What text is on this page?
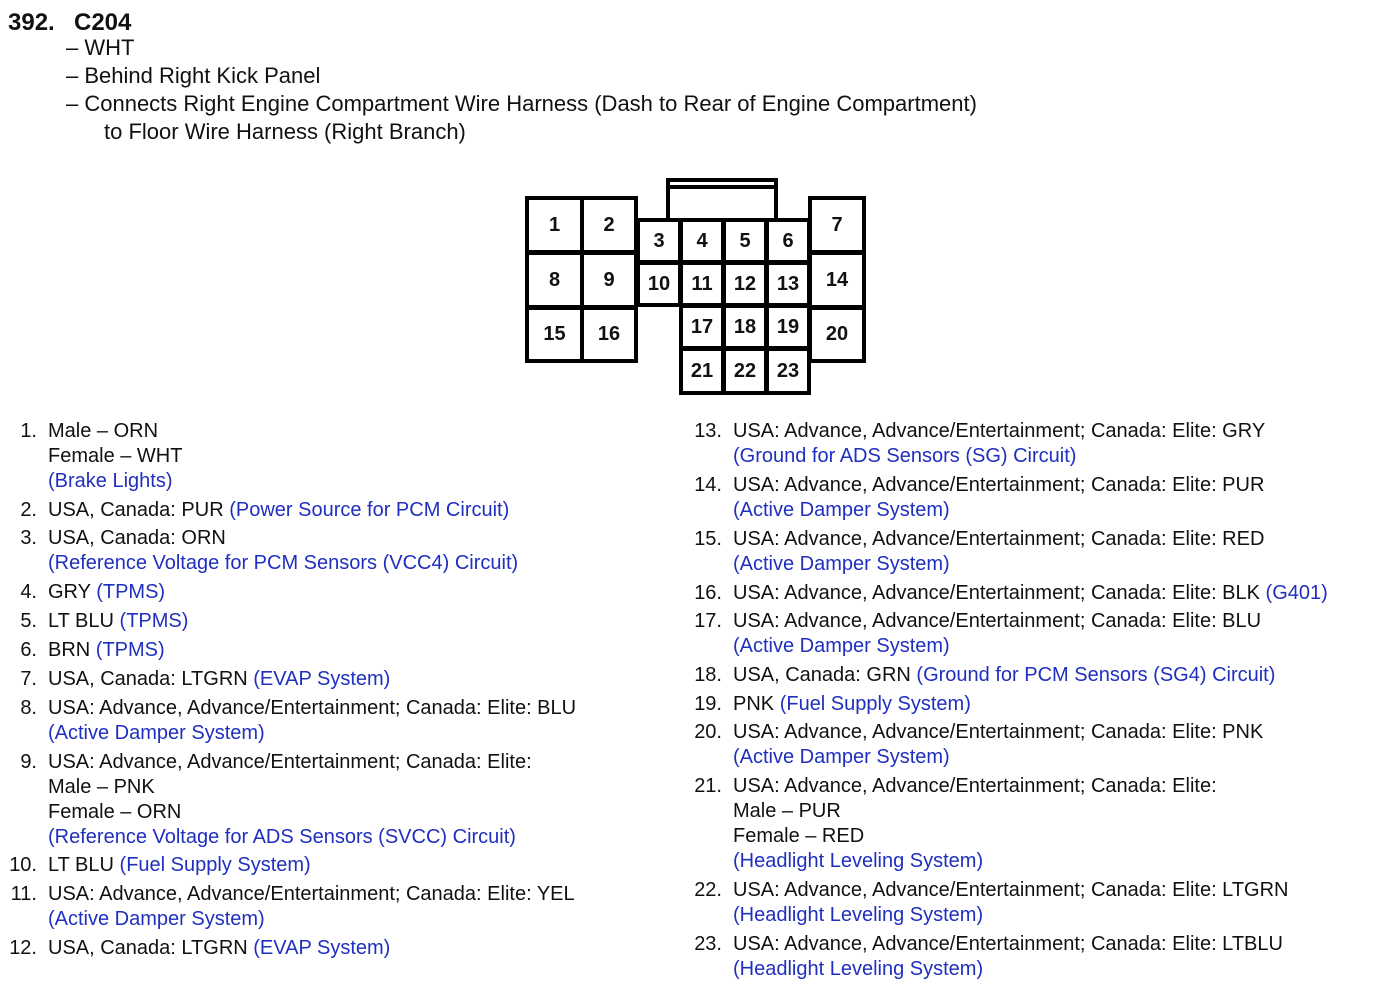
392. C204
– WHT
– Behind Right Kick Panel
– Connects Right Engine Compartment Wire Harness (Dash to Rear of Engine Compartment)
to Floor Wire Harness (Right Branch)
1	2
3	4	5	6
7
8	9	10	11	12	13	14
15	16	17	18	19	20
21	22	23
1. Male – ORN
Female – WHT
(Brake Lights)
2. USA, Canada: PUR (Power Source for PCM Circuit)
3. USA, Canada: ORN
(Reference Voltage for PCM Sensors (VCC4) Circuit)
4. GRY (TPMS)
5. LT BLU (TPMS)
6. BRN (TPMS)
7. USA, Canada: LTGRN (EVAP System)
8. USA: Advance, Advance/Entertainment; Canada: Elite: BLU
(Active Damper System)
9. USA: Advance, Advance/Entertainment; Canada: Elite:
Male – PNK
Female – ORN
(Reference Voltage for ADS Sensors (SVCC) Circuit)
10. LT BLU (Fuel Supply System)
11. USA: Advance, Advance/Entertainment; Canada: Elite: YEL
(Active Damper System)
12. USA, Canada: LTGRN (EVAP System)
13. USA: Advance, Advance/Entertainment; Canada: Elite: GRY
(Ground for ADS Sensors (SG) Circuit)
14. USA: Advance, Advance/Entertainment; Canada: Elite: PUR
(Active Damper System)
15. USA: Advance, Advance/Entertainment; Canada: Elite: RED
(Active Damper System)
16. USA: Advance, Advance/Entertainment; Canada: Elite: BLK (G401)
17. USA: Advance, Advance/Entertainment; Canada: Elite: BLU
(Active Damper System)
18. USA, Canada: GRN (Ground for PCM Sensors (SG4) Circuit)
19. PNK (Fuel Supply System)
20. USA: Advance, Advance/Entertainment; Canada: Elite: PNK
(Active Damper System)
21. USA: Advance, Advance/Entertainment; Canada: Elite:
Male – PUR
Female – RED
(Headlight Leveling System)
22. USA: Advance, Advance/Entertainment; Canada: Elite: LTGRN
(Headlight Leveling System)
23. USA: Advance, Advance/Entertainment; Canada: Elite: LTBLU
(Headlight Leveling System)
